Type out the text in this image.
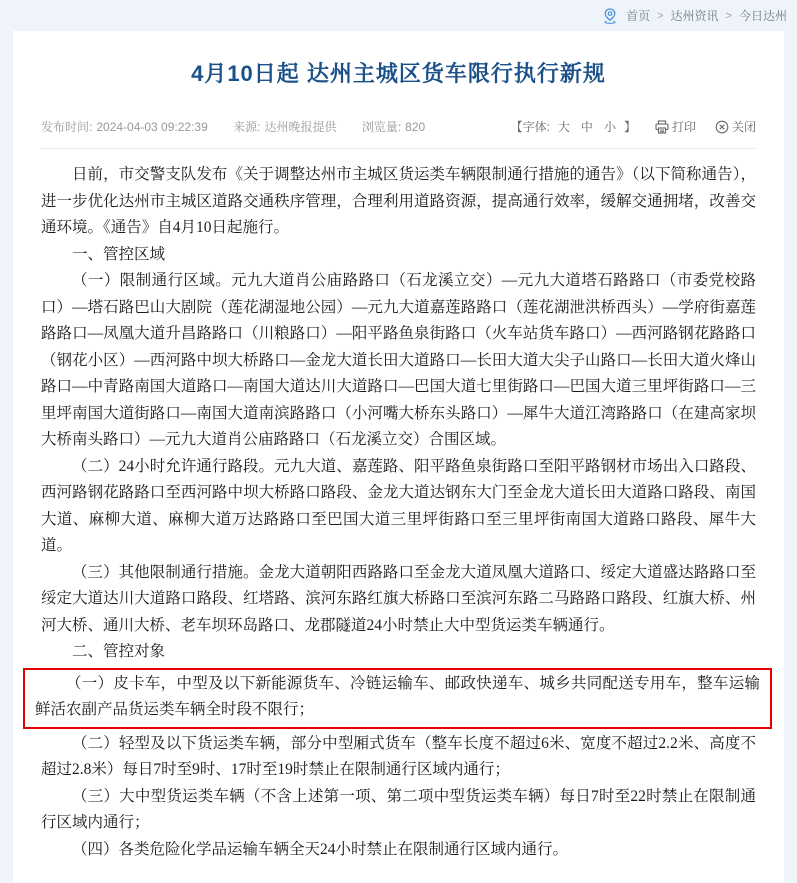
首页 > 达州资讯 > 今日达州
4月10日起 达州主城区货车限行执行新规
发布时间: 2024-04-03 09:22:39 来源: 达州晚报提供 浏览量: 820	【字体: 大 中 小 】	打印	关闭

日前，市交警支队发布《关于调整达州市主城区货运类车辆限制通行措施的通告》（以下简称通告），进一步优化达州市主城区道路交通秩序管理，合理利用道路资源，提高通行效率，缓解交通拥堵，改善交通环境。《通告》自4月10日起施行。

一、管控区域

（一）限制通行区域。元九大道肖公庙路路口（石龙溪立交）—元九大道塔石路路口（市委党校路口）—塔石路巴山大剧院（莲花湖湿地公园）—元九大道嘉莲路路口（莲花湖泄洪桥西头）—学府街嘉莲路路口—凤凰大道升昌路路口（川粮路口）—阳平路鱼泉街路口（火车站货车路口）—西河路钢花路路口（钢花小区）—西河路中坝大桥路口—金龙大道长田大道路口—长田大道大尖子山路口—长田大道火烽山路口—中青路南国大道路口—南国大道达川大道路口—巴国大道七里街路口—巴国大道三里坪街路口—三里坪南国大道街路口—南国大道南滨路路口（小河嘴大桥东头路口）—犀牛大道江湾路路口（在建高家坝大桥南头路口）—元九大道肖公庙路路口（石龙溪立交）合围区域。

（二）24小时允许通行路段。元九大道、嘉莲路、阳平路鱼泉街路口至阳平路钢材市场出入口路段、西河路钢花路路口至西河路中坝大桥路口路段、金龙大道达钢东大门至金龙大道长田大道路口路段、南国大道、麻柳大道、麻柳大道万达路路口至巴国大道三里坪街路口至三里坪街南国大道路口路段、犀牛大道。

（三）其他限制通行措施。金龙大道朝阳西路路口至金龙大道凤凰大道路口、绥定大道盛达路路口至绥定大道达川大道路口路段、红塔路、滨河东路红旗大桥路口至滨河东路二马路路口路段、红旗大桥、州河大桥、通川大桥、老车坝环岛路口、龙郡隧道24小时禁止大中型货运类车辆通行。

二、管控对象

（一）皮卡车，中型及以下新能源货车、冷链运输车、邮政快递车、城乡共同配送专用车，整车运输鲜活农副产品货运类车辆全时段不限行；

（二）轻型及以下货运类车辆，部分中型厢式货车（整车长度不超过6米、宽度不超过2.2米、高度不超过2.8米）每日7时至9时、17时至19时禁止在限制通行区域内通行；

（三）大中型货运类车辆（不含上述第一项、第二项中型货运类车辆）每日7时至22时禁止在限制通行区域内通行；

（四）各类危险化学品运输车辆全天24小时禁止在限制通行区域内通行。
